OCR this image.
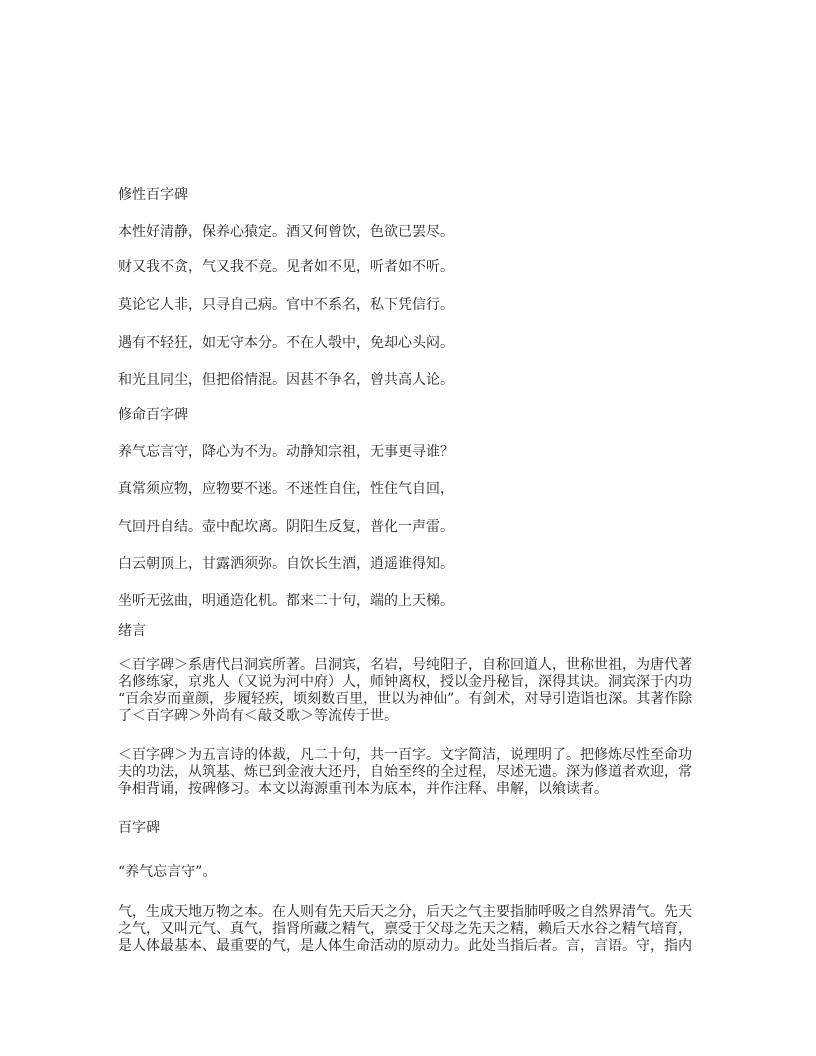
修性百字碑
本性好清静，保养心猿定。酒又何曾饮，色欲已罢尽。
财又我不贪，气又我不竞。见者如不见，听者如不听。
莫论它人非，只寻自己病。官中不系名，私下凭信行。
遇有不轻狂，如无守本分。不在人彀中，免却心头闷。
和光且同尘，但把俗情混。因甚不争名，曾共高人论。
修命百字碑
养气忘言守，降心为不为。动静知宗祖，无事更寻谁？
真常须应物，应物要不迷。不迷性自住，性住气自回，
气回丹自结。壶中配坎离。阴阳生反复，普化一声雷。
白云朝顶上，甘露洒须弥。自饮长生酒，逍遥谁得知。
坐听无弦曲，明通造化机。都来二十句，端的上天梯。
绪言
＜百字碑＞系唐代吕洞宾所著。吕洞宾，名岩，号纯阳子，自称回道人，世称世祖，为唐代著
名修练家，京兆人（又说为河中府）人，师钟离权，授以金丹秘旨，深得其诀。洞宾深于内功
“百余岁而童颜，步履轻疾，顷刻数百里，世以为神仙”。有剑术，对导引造诣也深。其著作除
了＜百字碑＞外尚有＜敲爻歌＞等流传于世。
＜百字碑＞为五言诗的体裁，凡二十句，共一百字。文字简洁，说理明了。把修炼尽性至命功
夫的功法，从筑基、炼已到金液大还丹，自始至终的全过程，尽述无遗。深为修道者欢迎，常
争相背诵，按碑修习。本文以海源重刊本为底本，并作注释、串解，以飨读者。
百字碑
“养气忘言守”。
气，生成天地万物之本。在人则有先天后天之分，后天之气主要指肺呼吸之自然界清气。先天
之气，又叫元气、真气，指肾所藏之精气，禀受于父母之先天之精，赖后天水谷之精气培育，
是人体最基本、最重要的气，是人体生命活动的原动力。此处当指后者。言，言语。守，指内
